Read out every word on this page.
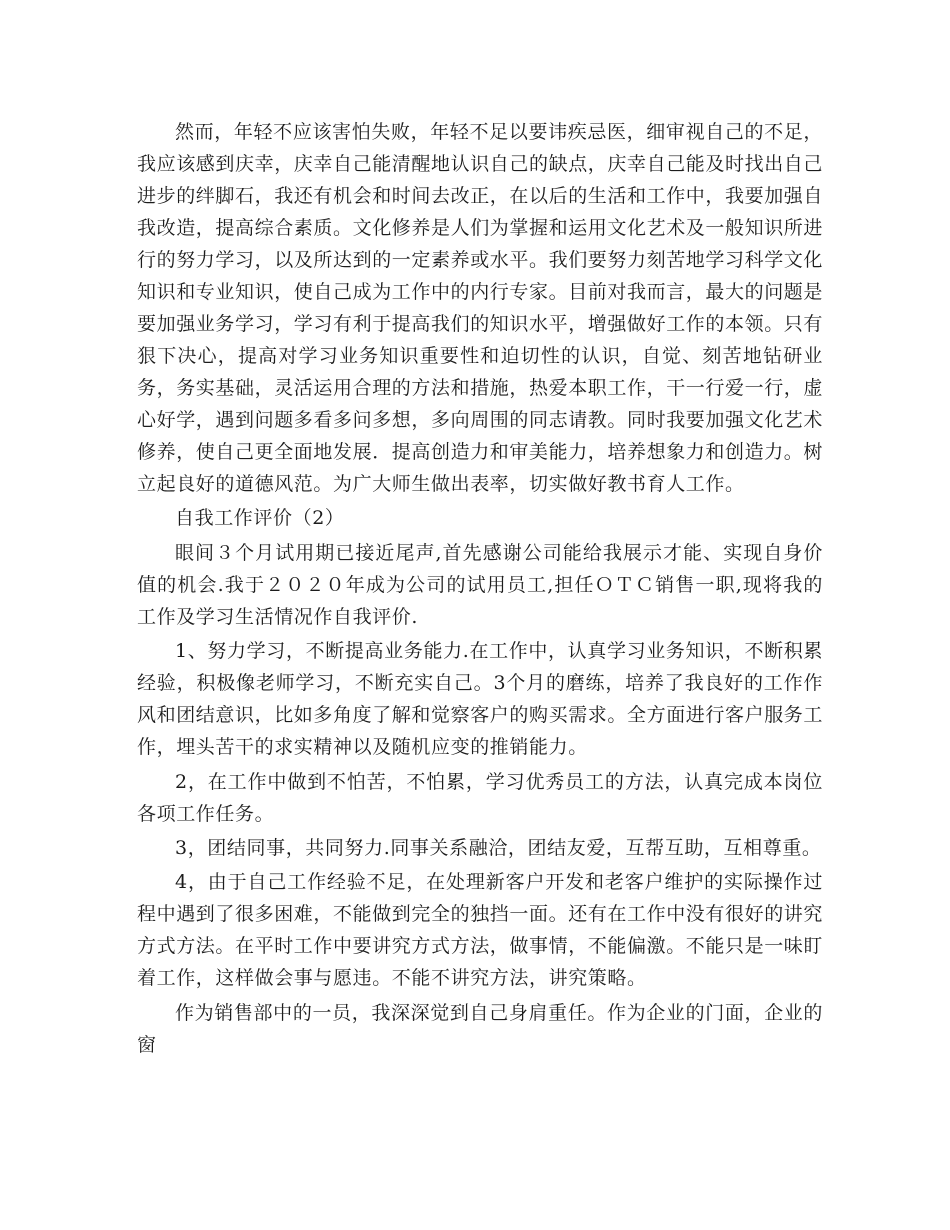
然而，年轻不应该害怕失败，年轻不足以要讳疾忌医，细审视自己的不足，我应该感到庆幸，庆幸自己能清醒地认识自己的缺点，庆幸自己能及时找出自己进步的绊脚石，我还有机会和时间去改正，在以后的生活和工作中，我要加强自我改造，提高综合素质。文化修养是人们为掌握和运用文化艺术及一般知识所进行的努力学习，以及所达到的一定素养或水平。我们要努力刻苦地学习科学文化知识和专业知识，使自己成为工作中的内行专家。目前对我而言，最大的问题是要加强业务学习，学习有利于提高我们的知识水平，增强做好工作的本领。只有狠下决心，提高对学习业务知识重要性和迫切性的认识，自觉、刻苦地钻研业务，务实基础，灵活运用合理的方法和措施，热爱本职工作，干一行爱一行，虚心好学，遇到问题多看多问多想，多向周围的同志请教。同时我要加强文化艺术修养，使自己更全面地发展．提高创造力和审美能力，培养想象力和创造力。树立起良好的道德风范。为广大师生做出表率，切实做好教书育人工作。

自我工作评价（2）

眼间３个月试用期已接近尾声,首先感谢公司能给我展示才能、实现自身价值的机会.我于２０２０年成为公司的试用员工,担任ＯＴＣ销售一职,现将我的工作及学习生活情况作自我评价.

1、努力学习，不断提高业务能力.在工作中，认真学习业务知识，不断积累经验，积极像老师学习，不断充实自己。3个月的磨练，培养了我良好的工作作风和团结意识，比如多角度了解和觉察客户的购买需求。全方面进行客户服务工作，埋头苦干的求实精神以及随机应变的推销能力。

2，在工作中做到不怕苦，不怕累，学习优秀员工的方法，认真完成本岗位各项工作任务。

3，团结同事，共同努力.同事关系融洽，团结友爱，互帮互助，互相尊重。

4，由于自己工作经验不足，在处理新客户开发和老客户维护的实际操作过程中遇到了很多困难，不能做到完全的独挡一面。还有在工作中没有很好的讲究方式方法。在平时工作中要讲究方式方法，做事情，不能偏激。不能只是一味盯着工作，这样做会事与愿违。不能不讲究方法，讲究策略。

作为销售部中的一员，我深深觉到自己身肩重任。作为企业的门面，企业的窗
